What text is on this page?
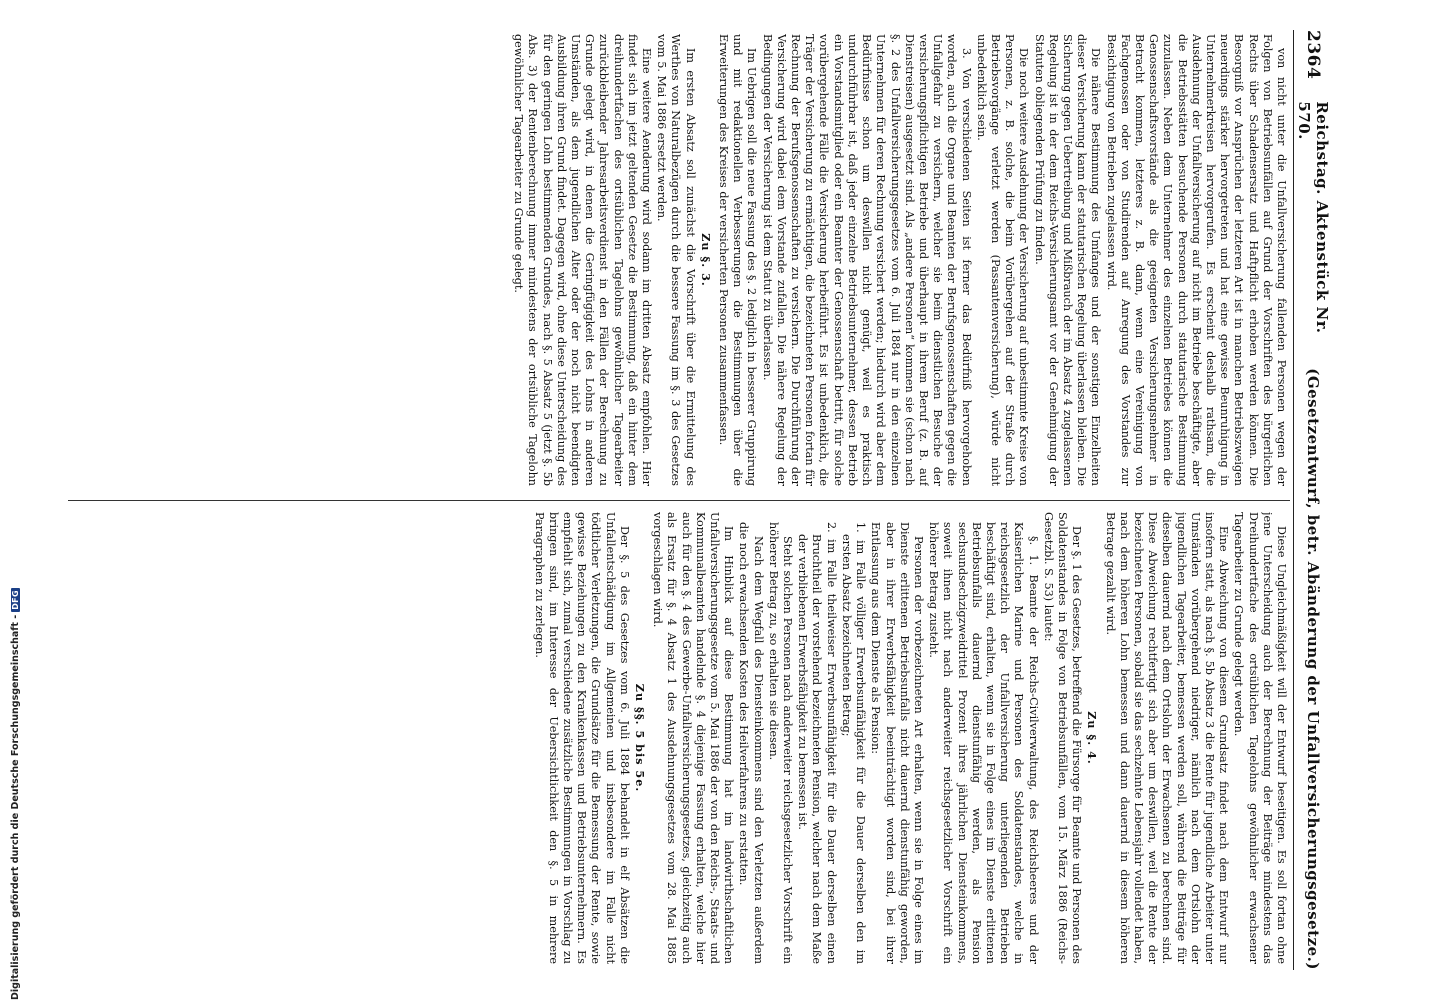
2364
Reichstag. Aktenstück Nr. 570.
(Gesetzentwurf, betr. Abänderung der Unfallversicherungsgesetze.)

von nicht unter die Unfallversicherung fallenden Personen wegen der Folgen von Betriebsunfällen auf Grund der Vorschriften des bürgerlichen Rechts über Schadensersatz und Haftpflicht erhoben werden können. Die Besorgniß vor Ansprüchen der letzteren Art ist in manchen Betriebszweigen neuerdings stärker hervorgetreten und hat eine gewisse Beunruhigung in Unternehmerkreisen hervorgerufen. Es erscheint deshalb rathsam, die Ausdehnung der Unfallversicherung auf nicht im Betriebe beschäftigte, aber die Betriebsstätten besuchende Personen durch statutarische Bestimmung zuzulassen. Neben dem Unternehmer des einzelnen Betriebes können die Genossenschaftsvorstände als die geeigneten Versicherungsnehmer in Betracht kommen, letzteres z. B. dann, wenn eine Vereinigung von Fachgenossen oder von Studirenden auf Anregung des Vorstandes zur Besichtigung von Betrieben zugelassen wird.

Die nähere Bestimmung des Umfanges und der sonstigen Einzelheiten dieser Versicherung kann der statutarischen Regelung überlassen bleiben. Die Sicherung gegen Uebertreibung und Mißbrauch der im Absatz 4 zugelassenen Regelung ist in der dem Reichs-Versicherungsamt vor der Genehmigung der Statuten obliegenden Prüfung zu finden.

Die noch weitere Ausdehnung der Versicherung auf unbestimmte Kreise von Personen, z. B. solche, die beim Vorübergehen auf der Straße durch Betriebsvorgänge verletzt werden (Passantenversicherung), würde nicht unbedenklich sein.

3. Von verschiedenen Seiten ist ferner das Bedürfniß hervorgehoben worden, auch die Organe und Beamten der Berufsgenossenschaften gegen die Unfallgefahr zu versichern, welcher sie beim dienstlichen Besuche der versicherungspflichtigen Betriebe und überhaupt in ihrem Beruf (z. B. auf Dienstreisen) ausgesetzt sind. Als „andere Personen“ kommen sie (schon nach §. 2 des Unfallversicherungsgesetzes vom 6. Juli 1884 nur in den einzelnen Unternehmen für deren Rechnung versichert werden; hiedurch wird aber dem Bedürfnisse schon um deswillen nicht genügt, weil es praktisch undurchführbar ist, daß jeder einzelne Betriebsunternehmer, dessen Betrieb ein Vorstandsmitglied oder ein Beamter der Genossenschaft betritt, für solche vorübergehende Fälle die Versicherung herbeiführt. Es ist unbedenklich, die Träger der Versicherung zu ermächtigen, die bezeichneten Personen fortan für Rechnung der Berufsgenossenschaften zu versichern. Die Durchführung der Versicherung wird dabei dem Vorstande zufallen. Die nähere Regelung der Bedingungen der Versicherung ist dem Statut zu überlassen.

Im Uebrigen soll die neue Fassung des §. 2 lediglich in besserer Gruppirung und mit redaktionellen Verbesserungen die Bestimmungen über die Erweiterungen des Kreises der versicherten Personen zusammenfassen.

Zu §. 3.

Im ersten Absatz soll zunächst die Vorschrift über die Ermittelung des Werthes von Naturalbezügen durch die bessere Fassung im §. 3 des Gesetzes vom 5. Mai 1886 ersetzt werden.

Eine weitere Aenderung wird sodann im dritten Absatz empfohlen. Hier findet sich im jetzt geltenden Gesetze die Bestimmung, daß ein hinter dem dreihundertfachen des ortsüblichen Tagelohns gewöhnlicher Tagearbeiter zurückbleibender Jahresarbeitsverdienst in den Fällen der Berechnung zu Grunde gelegt wird, in denen die Geringfügigkeit des Lohns in anderen Umständen, als dem jugendlichen Alter oder der noch nicht beendigten Ausbildung ihren Grund findet. Dagegen wird, ohne diese Unterscheidung des für den geringen Lohn bestimmenden Grundes, nach §. 5 Absatz 5 (jetzt §. 5b Abs. 3) der Rentenberechnung immer mindestens der ortsübliche Tagelohn gewöhnlicher Tagearbeiter zu Grunde gelegt.

Diese Ungleichmäßigkeit will der Entwurf beseitigen. Es soll fortan ohne jene Unterscheidung auch der Berechnung der Beiträge mindestens das Dreihundertfache des ortsüblichen Tagelohns gewöhnlicher erwachsener Tagearbeiter zu Grunde gelegt werden.

Eine Abweichung von diesem Grundsatz findet nach dem Entwurf nur insofern statt, als nach §. 5b Absatz 3 die Rente für jugendliche Arbeiter unter Umständen vorübergehend niedriger, nämlich nach dem Ortslohn der jugendlichen Tagearbeiter, bemessen werden soll, während die Beiträge für dieselben dauernd nach dem Ortslohn der Erwachsenen zu berechnen sind. Diese Abweichung rechtfertigt sich aber um deswillen, weil die Rente der bezeichneten Personen, sobald sie das sechzehnte Lebensjahr vollendet haben, nach dem höheren Lohn bemessen und dann dauernd in diesem höheren Betrage gezahlt wird.

Zu §. 4.

Der §. 1 des Gesetzes, betreffend die Fürsorge für Beamte und Personen des Soldatenstandes in Folge von Betriebsunfällen, vom 15. März 1886 (Reichs-Gesetzbl. S. 53) lautet:

§. 1. Beamte der Reichs-Civilverwaltung, des Reichsheeres und der Kaiserlichen Marine und Personen des Soldatenstandes, welche in reichsgesetzlich der Unfallversicherung unterliegenden Betrieben beschäftigt sind, erhalten, wenn sie in Folge eines im Dienste erlittenen Betriebsunfalls dauernd dienstunfähig werden, als Pension sechsundsechzigzweidrittel Prozent ihres jährlichen Diensteinkommens, soweit ihnen nicht nach anderweiter reichsgesetzlicher Vorschrift ein höherer Betrag zusteht.

Personen der vorbezeichneten Art erhalten, wenn sie in Folge eines im Dienste erlittenen Betriebsunfalls nicht dauernd dienstunfähig geworden, aber in ihrer Erwerbsfähigkeit beeinträchtigt worden sind, bei ihrer Entlassung aus dem Dienste als Pension:

1. im Falle völliger Erwerbsunfähigkeit für die Dauer derselben den im ersten Absatz bezeichneten Betrag;

2. im Falle theilweiser Erwerbsunfähigkeit für die Dauer derselben einen Bruchtheil der vorstehend bezeichneten Pension, welcher nach dem Maße der verbliebenen Erwerbsfähigkeit zu bemessen ist.

Steht solchen Personen nach anderweiter reichsgesetzlicher Vorschrift ein höherer Betrag zu, so erhalten sie diesen.

Nach dem Wegfall des Diensteinkommens sind den Verletzten außerdem die noch erwachsenden Kosten des Heilverfahrens zu erstatten.

Im Hinblick auf diese Bestimmung hat im landwirthschaftlichen Unfallversicherungsgesetze vom 5. Mai 1886 der von den Reichs-, Staats- und Kommunalbeamten handelnde §. 4 diejenige Fassung erhalten, welche hier auch für den §. 4 des Gewerbe-Unfallversicherungsgesetzes, gleichzeitig auch als Ersatz für §. 4 Absatz 1 des Ausdehnungsgesetzes vom 28. Mai 1885 vorgeschlagen wird.

Zu §§. 5 bis 5e.

Der §. 5 des Gesetzes vom 6. Juli 1884 behandelt in elf Absätzen die Unfallentschädigung im Allgemeinen und insbesondere im Falle nicht tödtlicher Verletzungen, die Grundsätze für die Bemessung der Rente, sowie gewisse Beziehungen zu den Krankenkassen und Betriebsunternehmern. Es empfiehlt sich, zumal verschiedene zusätzliche Bestimmungen in Vorschlag zu bringen sind, im Interesse der Uebersichtlichkeit den §. 5 in mehrere Paragraphen zu zerlegen.

Digitalisierung gefördert durch die Deutsche Forschungsgemeinschaft -
DFG
